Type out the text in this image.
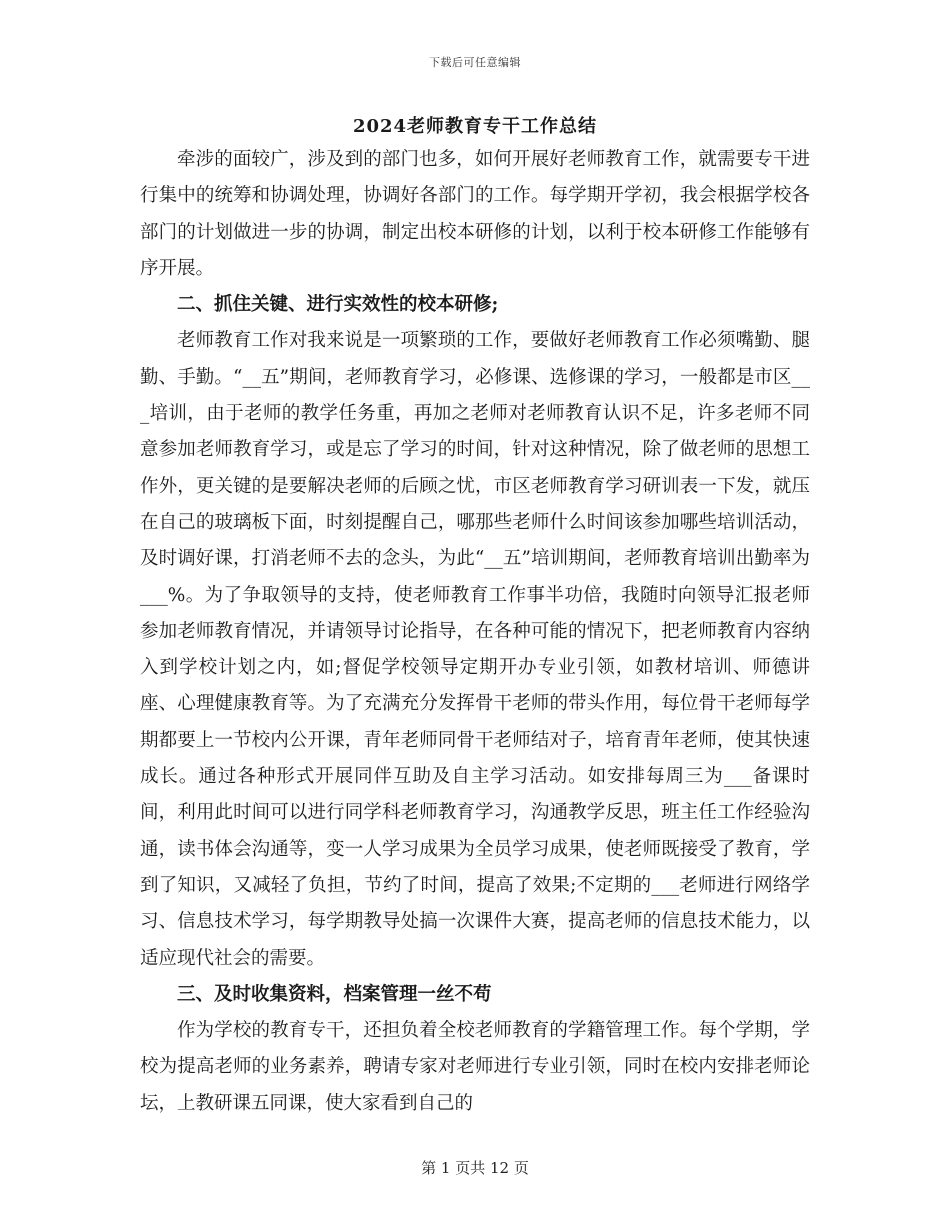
下载后可任意编辑
2024老师教育专干工作总结

牵涉的面较广，涉及到的部门也多，如何开展好老师教育工作，就需要专干进行集中的统筹和协调处理，协调好各部门的工作。每学期开学初，我会根据学校各部门的计划做进一步的协调，制定出校本研修的计划，以利于校本研修工作能够有序开展。

二、抓住关键、进行实效性的校本研修;

老师教育工作对我来说是一项繁琐的工作，要做好老师教育工作必须嘴勤、腿勤、手勤。“__五”期间，老师教育学习，必修课、选修课的学习，一般都是市区___培训，由于老师的教学任务重，再加之老师对老师教育认识不足，许多老师不同意参加老师教育学习，或是忘了学习的时间，针对这种情况，除了做老师的思想工作外，更关键的是要解决老师的后顾之忧，市区老师教育学习研训表一下发，就压在自己的玻璃板下面，时刻提醒自己，哪那些老师什么时间该参加哪些培训活动，及时调好课，打消老师不去的念头，为此“__五”培训期间，老师教育培训出勤率为___%。为了争取领导的支持，使老师教育工作事半功倍，我随时向领导汇报老师参加老师教育情况，并请领导讨论指导，在各种可能的情况下，把老师教育内容纳入到学校计划之内，如;督促学校领导定期开办专业引领，如教材培训、师德讲座、心理健康教育等。为了充满充分发挥骨干老师的带头作用，每位骨干老师每学期都要上一节校内公开课，青年老师同骨干老师结对子，培育青年老师，使其快速成长。通过各种形式开展同伴互助及自主学习活动。如安排每周三为___备课时间，利用此时间可以进行同学科老师教育学习，沟通教学反思，班主任工作经验沟通，读书体会沟通等，变一人学习成果为全员学习成果，使老师既接受了教育，学到了知识，又减轻了负担，节约了时间，提高了效果;不定期的___老师进行网络学习、信息技术学习，每学期教导处搞一次课件大赛，提高老师的信息技术能力，以适应现代社会的需要。

三、及时收集资料，档案管理一丝不苟

作为学校的教育专干，还担负着全校老师教育的学籍管理工作。每个学期，学校为提高老师的业务素养，聘请专家对老师进行专业引领，同时在校内安排老师论坛，上教研课五同课，使大家看到自己的

第 1 页共 12 页
